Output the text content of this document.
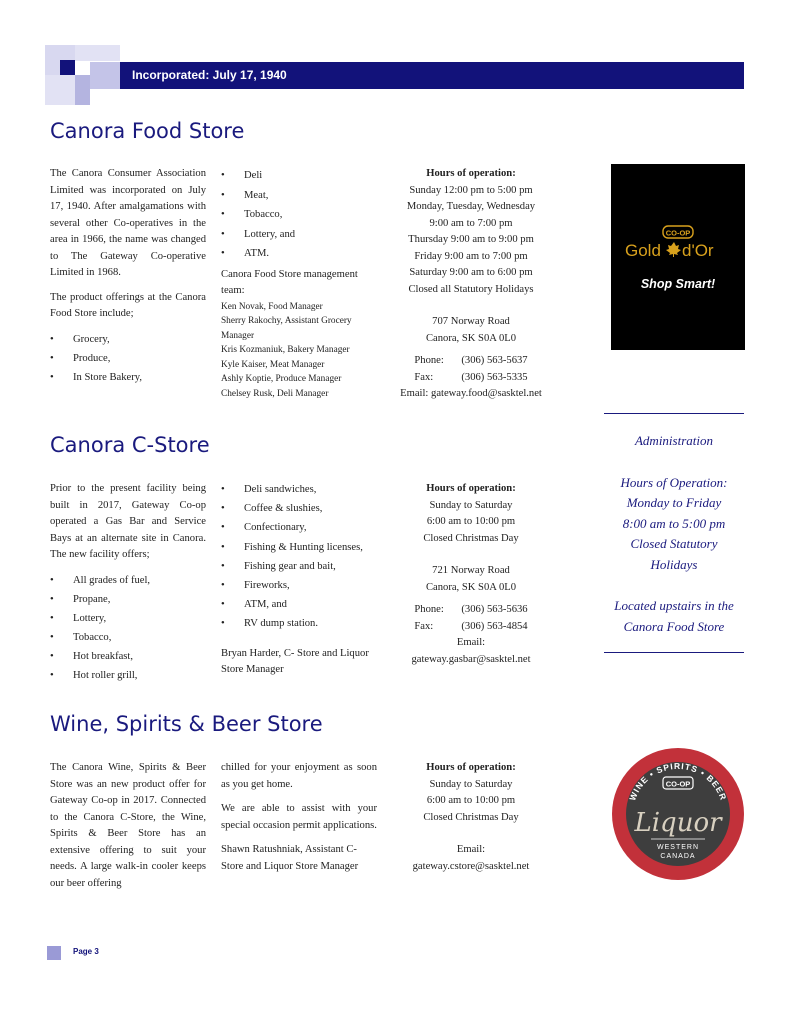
Incorporated: July 17, 1940
Canora Food Store

The Canora Consumer Association Limited was incorporated on July 17, 1940. After amalgamations with several other Co-operatives in the area in 1966, the name was changed to The Gateway Co-operative Limited in 1968.

The product offerings at the Canora Food Store include;

• Grocery,
• Produce,
• In Store Bakery,
• Deli
• Meat,
• Tobacco,
• Lottery, and
• ATM.

Canora Food Store management team:

Ken Novak, Food Manager
Sherry Rakochy, Assistant Grocery Manager
Kris Kozmaniuk, Bakery Manager
Kyle Kaiser, Meat Manager
Ashly Koptie, Produce Manager
Chelsey Rusk, Deli Manager
Hours of operation:
Sunday 12:00 pm to 5:00 pm
Monday, Tuesday, Wednesday
9:00 am to 7:00 pm
Thursday 9:00 am to 9:00 pm
Friday 9:00 am to 7:00 pm
Saturday 9:00 am to 6:00 pm
Closed all Statutory Holidays
707 Norway Road
Canora, SK S0A 0L0
Phone:	(306) 563-5637
Fax:	(306) 563-5335
Email: gateway.food@sasktel.net
CO-OP
Gold d'Or
Shop Smart!
Administration
Hours of Operation:
Monday to Friday
8:00 am to 5:00 pm
Closed Statutory
Holidays
Located upstairs in the
Canora Food Store
Canora C-Store

Prior to the present facility being built in 2017, Gateway Co-op operated a Gas Bar and Service Bays at an alternate site in Canora. The new facility offers;

• All grades of fuel,
• Propane,
• Lottery,
• Tobacco,
• Hot breakfast,
• Hot roller grill,
• Deli sandwiches,
• Coffee & slushies,
• Confectionary,
• Fishing & Hunting licenses,
• Fishing gear and bait,
• Fireworks,
• ATM, and
• RV dump station.

Bryan Harder, C- Store and Liquor Store Manager

Hours of operation:
Sunday to Saturday
6:00 am to 10:00 pm
Closed Christmas Day
721 Norway Road
Canora, SK S0A 0L0
Phone:	(306) 563-5636
Fax:	(306) 563-4854
Email:
gateway.gasbar@sasktel.net
Wine, Spirits & Beer Store

The Canora Wine, Spirits & Beer Store was an new product offer for Gateway Co-op in 2017. Connected to the Canora C-Store, the Wine, Spirits & Beer Store has an extensive offering to suit your needs. A large walk-in cooler keeps our beer offering

chilled for your enjoyment as soon as you get home.

We are able to assist with your special occasion permit applications.

Shawn Ratushniak, Assistant C-Store and Liquor Store Manager

Hours of operation:
Sunday to Saturday
6:00 am to 10:00 pm
Closed Christmas Day
Email:
gateway.cstore@sasktel.net
WINE • SPIRITS • BEER
CO-OP
Liquor
WESTERN
CANADA
Page 3
